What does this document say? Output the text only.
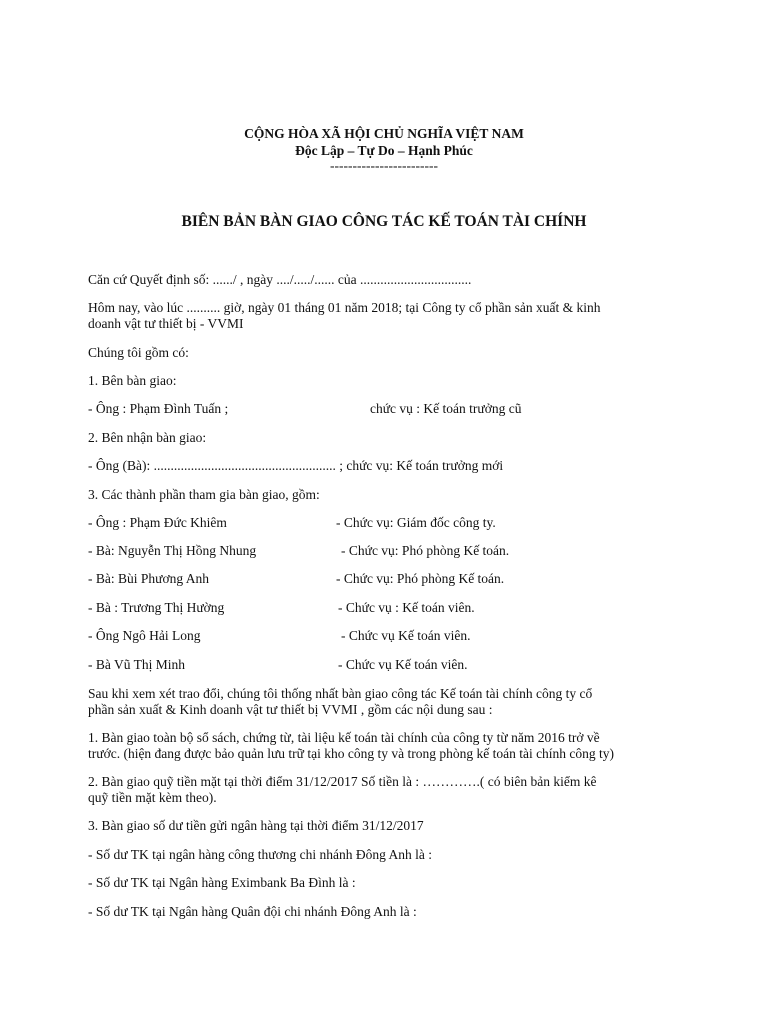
CỘNG HÒA XÃ HỘI CHỦ NGHĨA VIỆT NAM
Độc Lập – Tự Do – Hạnh Phúc
------------------------
BIÊN BẢN BÀN GIAO CÔNG TÁC KẾ TOÁN TÀI CHÍNH
Căn cứ Quyết định số: ....../ , ngày ..../...../...... của .................................
Hôm nay, vào lúc .......... giờ, ngày 01 tháng 01 năm 2018; tại Công ty cổ phần sản xuất & kinh
doanh vật tư thiết bị - VVMI
Chúng tôi gồm có:
1. Bên bàn giao:
- Ông : Phạm Đình Tuấn ;	chức vụ : Kế toán trưởng cũ
2. Bên nhận bàn giao:
- Ông (Bà): ...................................................... ; chức vụ: Kế toán trưởng mới
3. Các thành phần tham gia bàn giao, gồm:
- Ông : Phạm Đức Khiêm	- Chức vụ: Giám đốc công ty.
- Bà: Nguyễn Thị Hồng Nhung	- Chức vụ: Phó phòng Kế toán.
- Bà: Bùi Phương Anh	- Chức vụ: Phó phòng Kế toán.
- Bà : Trương Thị Hường	- Chức vụ : Kế toán viên.
- Ông Ngô Hải Long	- Chức vụ Kế toán viên.
- Bà Vũ Thị Minh	- Chức vụ Kế toán viên.
Sau khi xem xét trao đổi, chúng tôi thống nhất bàn giao công tác Kế toán tài chính công ty cổ
phần sản xuất & Kinh doanh vật tư thiết bị VVMI , gồm các nội dung sau :
1. Bàn giao toàn bộ sổ sách, chứng từ, tài liệu kế toán tài chính của công ty từ năm 2016 trở về
trước. (hiện đang được bảo quản lưu trữ tại kho công ty và trong phòng kế toán tài chính công ty)
2. Bàn giao quỹ tiền mặt tại thời điểm 31/12/2017 Số tiền là : ………….( có biên bản kiểm kê
quỹ tiền mặt kèm theo).
3. Bàn giao số dư tiền gửi ngân hàng tại thời điểm 31/12/2017
- Số dư TK tại ngân hàng công thương chi nhánh Đông Anh là :
- Số dư TK tại Ngân hàng Eximbank Ba Đình là :
- Số dư TK tại Ngân hàng Quân đội chi nhánh Đông Anh là :
